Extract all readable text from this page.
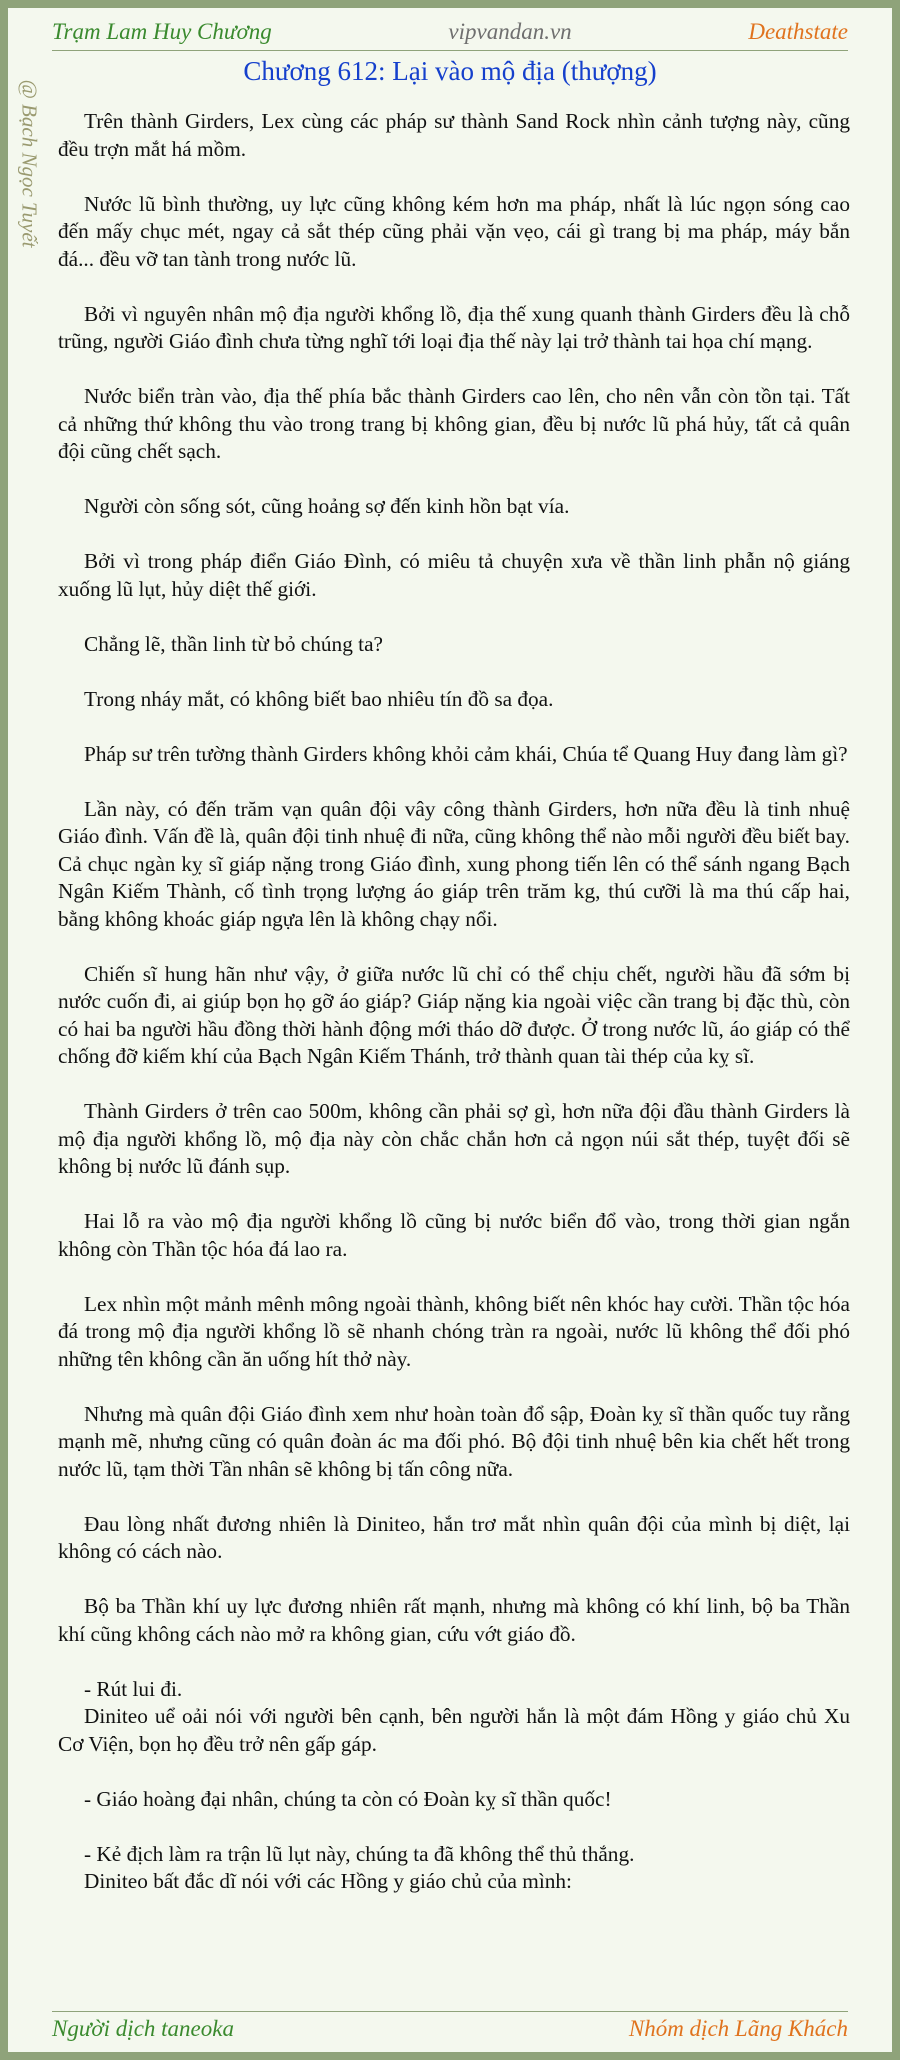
Trạm Lam Huy Chương	vipvandan.vn	Deathstate
@ Bạch Ngọc Tuyết
Chương 612: Lại vào mộ địa (thượng)

Trên thành Girders, Lex cùng các pháp sư thành Sand Rock nhìn cảnh tượng này, cũng đều trợn mắt há mồm.

Nước lũ bình thường, uy lực cũng không kém hơn ma pháp, nhất là lúc ngọn sóng cao đến mấy chục mét, ngay cả sắt thép cũng phải vặn vẹo, cái gì trang bị ma pháp, máy bắn đá... đều vỡ tan tành trong nước lũ.

Bởi vì nguyên nhân mộ địa người khổng lồ, địa thế xung quanh thành Girders đều là chỗ trũng, người Giáo đình chưa từng nghĩ tới loại địa thế này lại trở thành tai họa chí mạng.

Nước biển tràn vào, địa thế phía bắc thành Girders cao lên, cho nên vẫn còn tồn tại. Tất cả những thứ không thu vào trong trang bị không gian, đều bị nước lũ phá hủy, tất cả quân đội cũng chết sạch.

Người còn sống sót, cũng hoảng sợ đến kinh hồn bạt vía.

Bởi vì trong pháp điển Giáo Đình, có miêu tả chuyện xưa về thần linh phẫn nộ giáng xuống lũ lụt, hủy diệt thế giới.

Chẳng lẽ, thần linh từ bỏ chúng ta?

Trong nháy mắt, có không biết bao nhiêu tín đồ sa đọa.

Pháp sư trên tường thành Girders không khỏi cảm khái, Chúa tể Quang Huy đang làm gì?

Lần này, có đến trăm vạn quân đội vây công thành Girders, hơn nữa đều là tinh nhuệ Giáo đình. Vấn đề là, quân đội tinh nhuệ đi nữa, cũng không thể nào mỗi người đều biết bay. Cả chục ngàn kỵ sĩ giáp nặng trong Giáo đình, xung phong tiến lên có thể sánh ngang Bạch Ngân Kiếm Thành, cố tình trọng lượng áo giáp trên trăm kg, thú cưỡi là ma thú cấp hai, bằng không khoác giáp ngựa lên là không chạy nổi.

Chiến sĩ hung hãn như vậy, ở giữa nước lũ chỉ có thể chịu chết, người hầu đã sớm bị nước cuốn đi, ai giúp bọn họ gỡ áo giáp? Giáp nặng kia ngoài việc cần trang bị đặc thù, còn có hai ba người hầu đồng thời hành động mới tháo dỡ được. Ở trong nước lũ, áo giáp có thể chống đỡ kiếm khí của Bạch Ngân Kiếm Thánh, trở thành quan tài thép của kỵ sĩ.

Thành Girders ở trên cao 500m, không cần phải sợ gì, hơn nữa đội đầu thành Girders là mộ địa người khổng lồ, mộ địa này còn chắc chắn hơn cả ngọn núi sắt thép, tuyệt đối sẽ không bị nước lũ đánh sụp.

Hai lỗ ra vào mộ địa người khổng lồ cũng bị nước biển đổ vào, trong thời gian ngắn không còn Thần tộc hóa đá lao ra.

Lex nhìn một mảnh mênh mông ngoài thành, không biết nên khóc hay cười. Thần tộc hóa đá trong mộ địa người khổng lồ sẽ nhanh chóng tràn ra ngoài, nước lũ không thể đối phó những tên không cần ăn uống hít thở này.

Nhưng mà quân đội Giáo đình xem như hoàn toàn đổ sập, Đoàn kỵ sĩ thần quốc tuy rằng mạnh mẽ, nhưng cũng có quân đoàn ác ma đối phó. Bộ đội tinh nhuệ bên kia chết hết trong nước lũ, tạm thời Tần nhân sẽ không bị tấn công nữa.

Đau lòng nhất đương nhiên là Diniteo, hắn trơ mắt nhìn quân đội của mình bị diệt, lại không có cách nào.

Bộ ba Thần khí uy lực đương nhiên rất mạnh, nhưng mà không có khí linh, bộ ba Thần khí cũng không cách nào mở ra không gian, cứu vớt giáo đồ.

- Rút lui đi.

Diniteo uể oải nói với người bên cạnh, bên người hắn là một đám Hồng y giáo chủ Xu Cơ Viện, bọn họ đều trở nên gấp gáp.

- Giáo hoàng đại nhân, chúng ta còn có Đoàn kỵ sĩ thần quốc!

- Kẻ địch làm ra trận lũ lụt này, chúng ta đã không thể thủ thắng.

Diniteo bất đắc dĩ nói với các Hồng y giáo chủ của mình:

Người dịch taneoka	Nhóm dịch Lãng Khách
